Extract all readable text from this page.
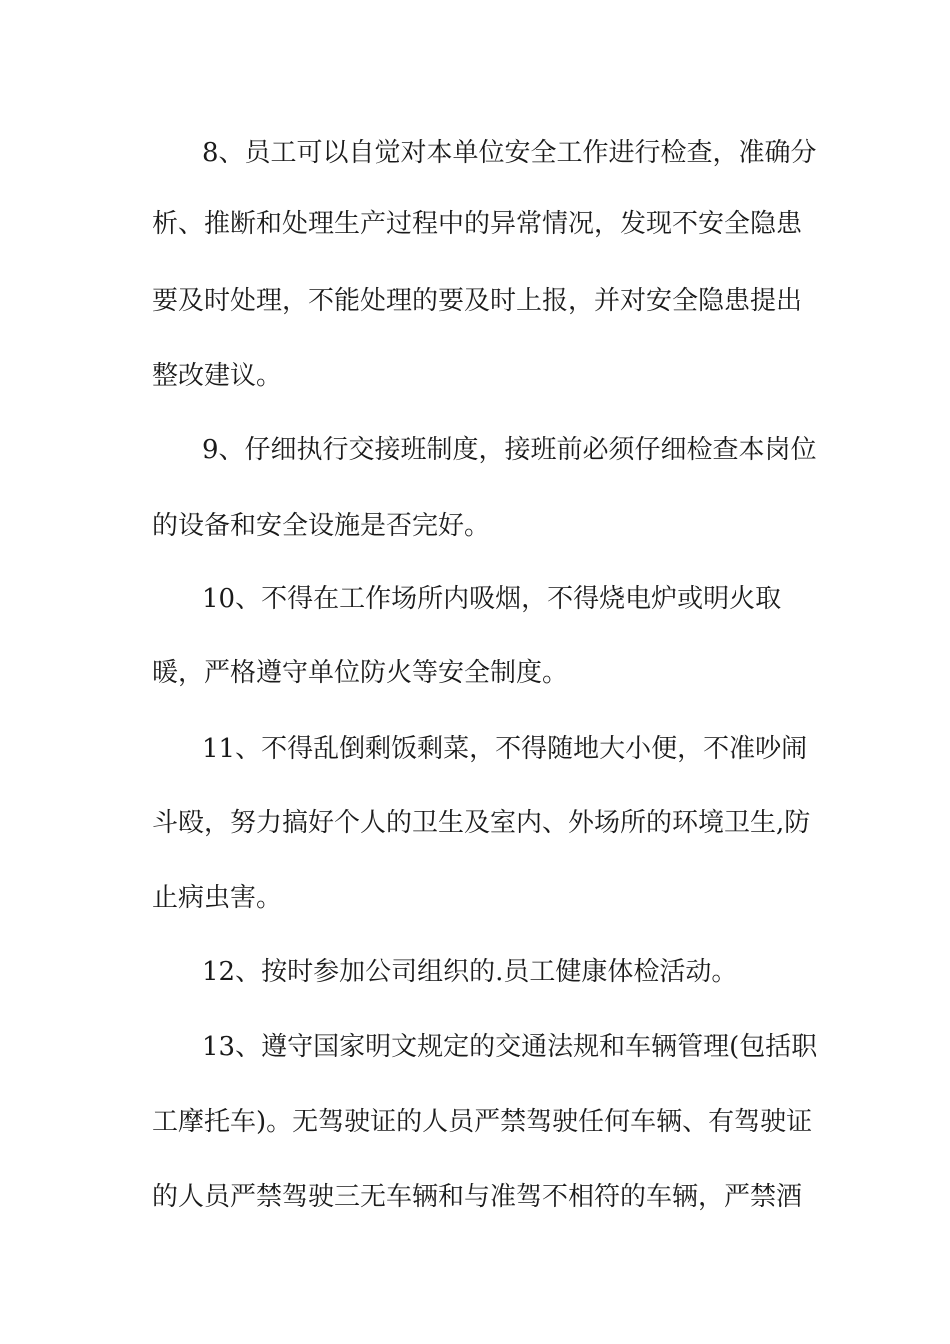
8、员工可以自觉对本单位安全工作进行检查，准确分
析、推断和处理生产过程中的异常情况，发现不安全隐患
要及时处理，不能处理的要及时上报，并对安全隐患提出
整改建议。
9、仔细执行交接班制度，接班前必须仔细检查本岗位
的设备和安全设施是否完好。
10、不得在工作场所内吸烟，不得烧电炉或明火取
暖，严格遵守单位防火等安全制度。
11、不得乱倒剩饭剩菜，不得随地大小便，不准吵闹
斗殴，努力搞好个人的卫生及室内、外场所的环境卫生,防
止病虫害。
12、按时参加公司组织的.员工健康体检活动。
13、遵守国家明文规定的交通法规和车辆管理(包括职
工摩托车)。无驾驶证的人员严禁驾驶任何车辆、有驾驶证
的人员严禁驾驶三无车辆和与准驾不相符的车辆，严禁酒
